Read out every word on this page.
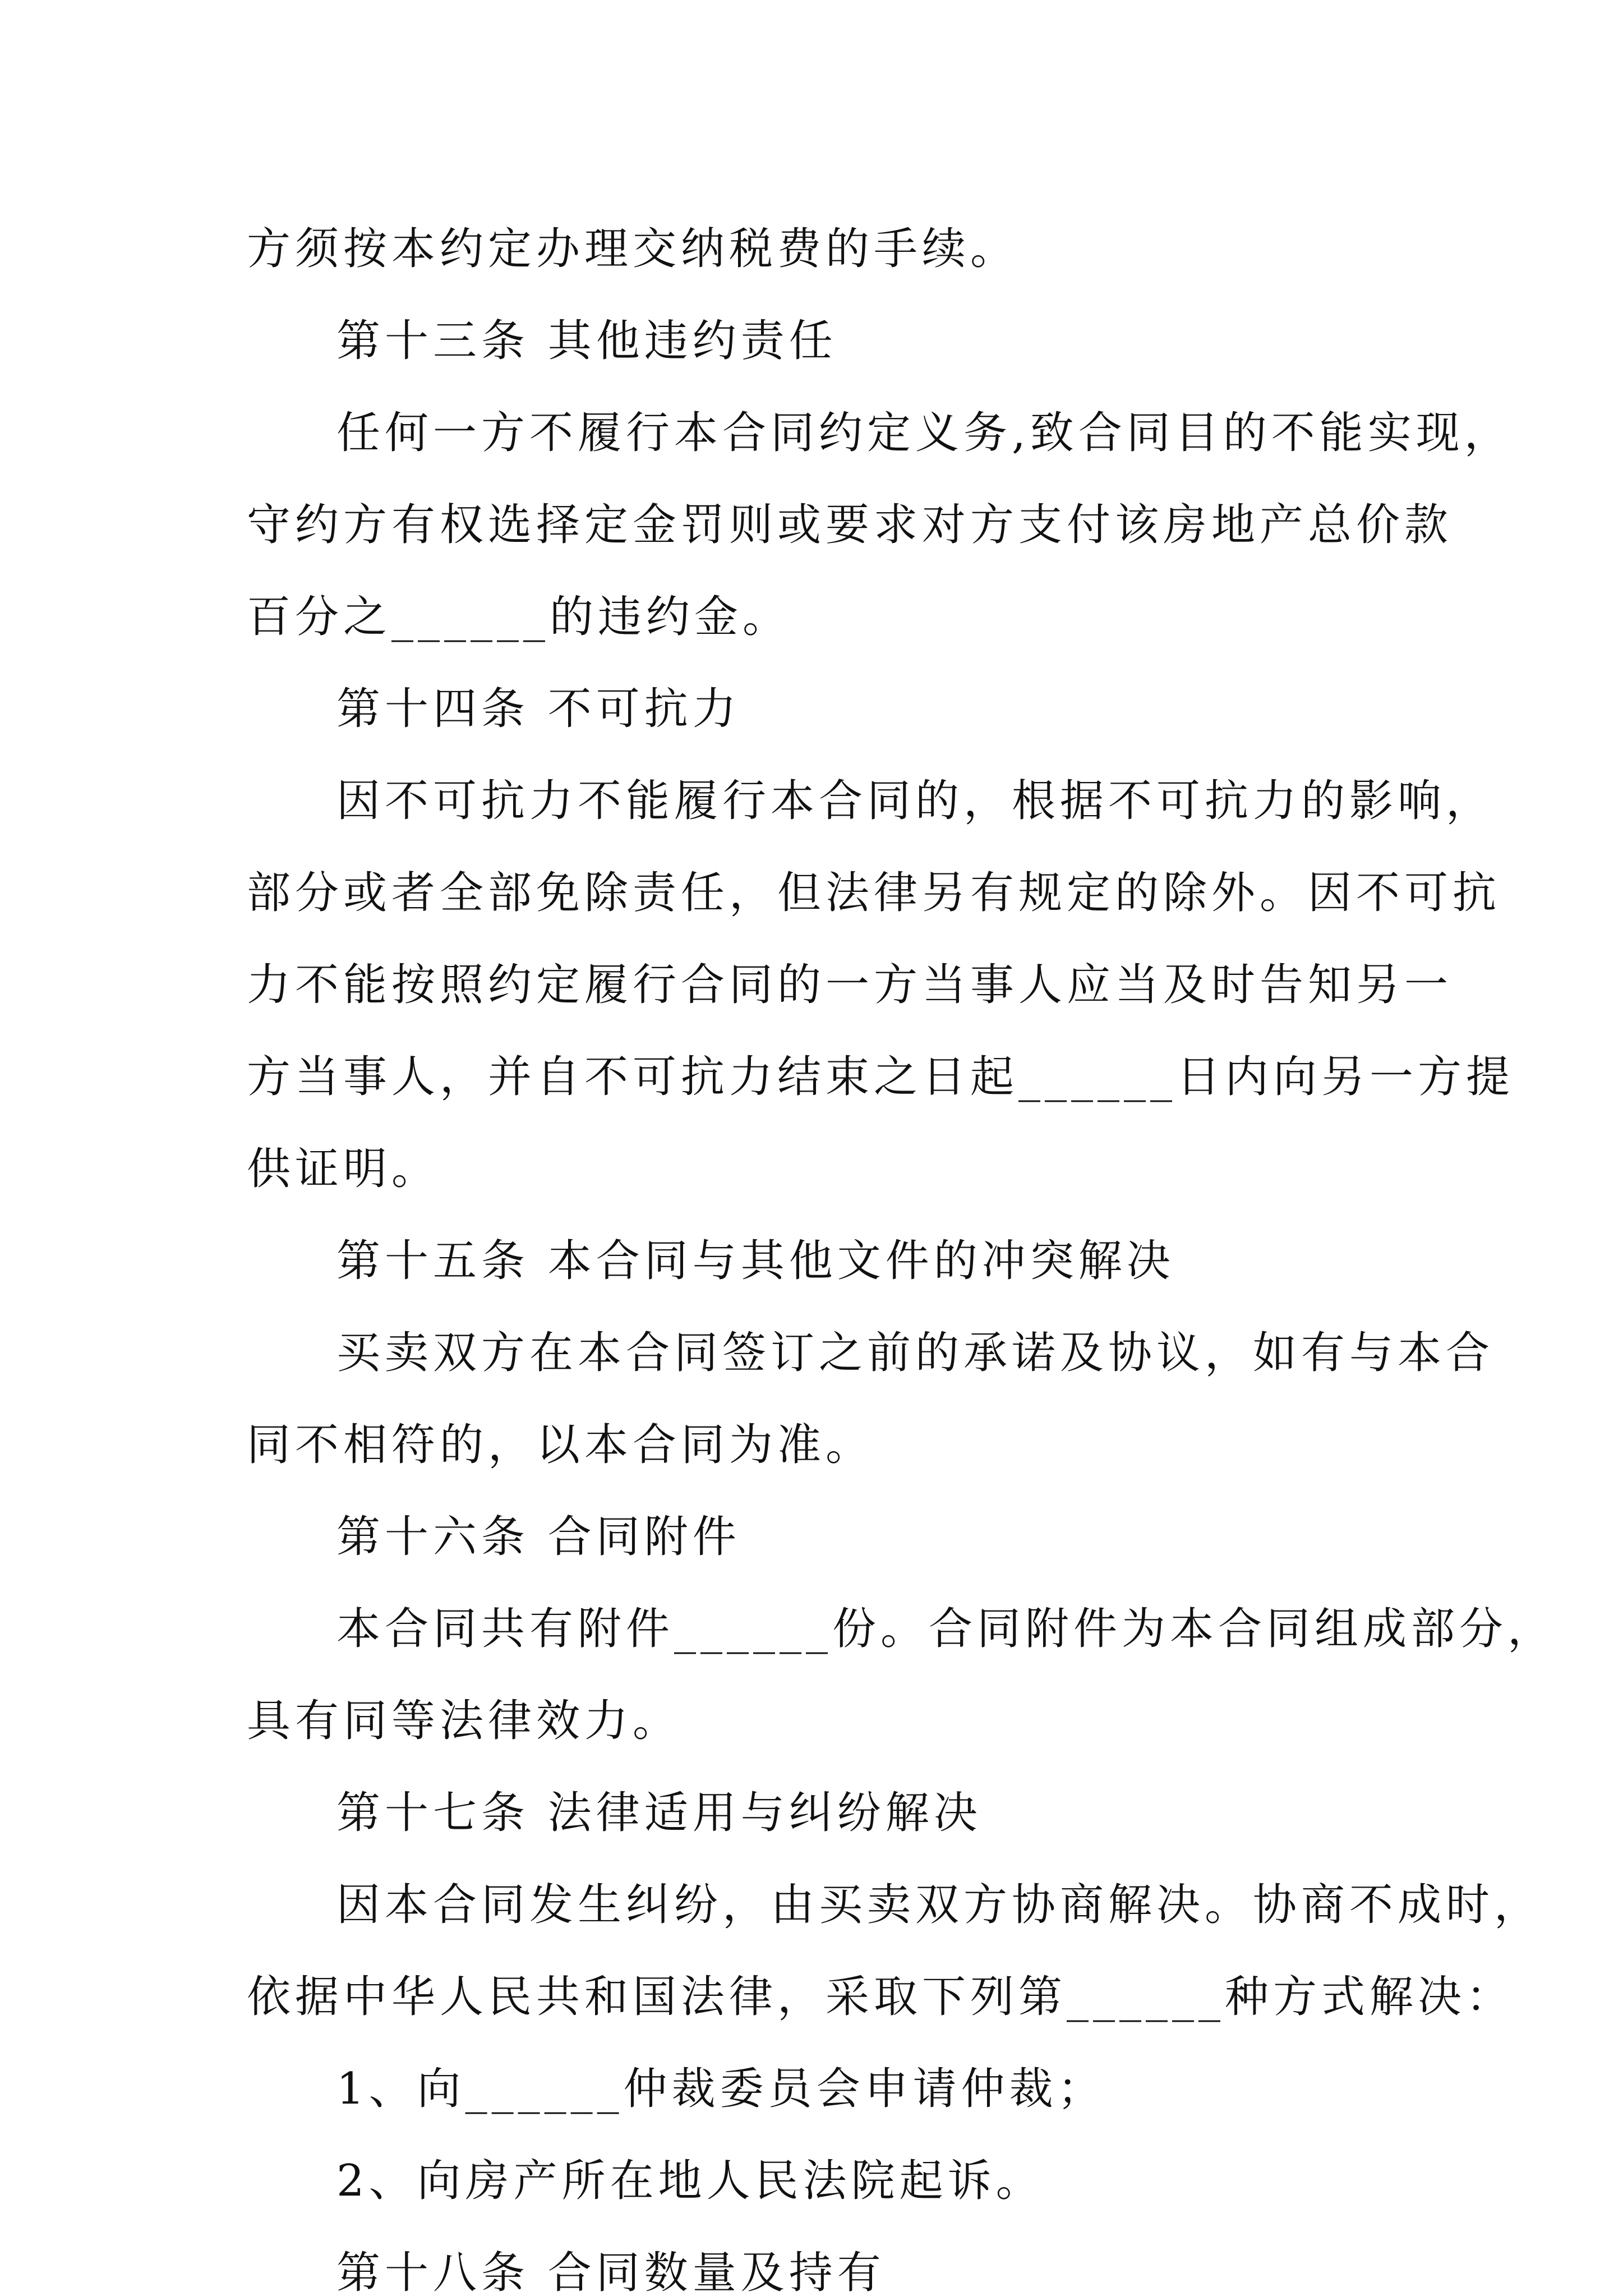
方须按本约定办理交纳税费的手续。
第十三条 其他违约责任
任何一方不履行本合同约定义务,致合同目的不能实现，
守约方有权选择定金罚则或要求对方支付该房地产总价款
百分之______的违约金。
第十四条 不可抗力
因不可抗力不能履行本合同的，根据不可抗力的影响，
部分或者全部免除责任，但法律另有规定的除外。因不可抗
力不能按照约定履行合同的一方当事人应当及时告知另一
方当事人，并自不可抗力结束之日起______日内向另一方提
供证明。
第十五条 本合同与其他文件的冲突解决
买卖双方在本合同签订之前的承诺及协议，如有与本合
同不相符的，以本合同为准。
第十六条 合同附件
本合同共有附件______份。合同附件为本合同组成部分，
具有同等法律效力。
第十七条 法律适用与纠纷解决
因本合同发生纠纷，由买卖双方协商解决。协商不成时，
依据中华人民共和国法律，采取下列第______种方式解决：
1、向______仲裁委员会申请仲裁；
2、向房产所在地人民法院起诉。
第十八条 合同数量及持有
